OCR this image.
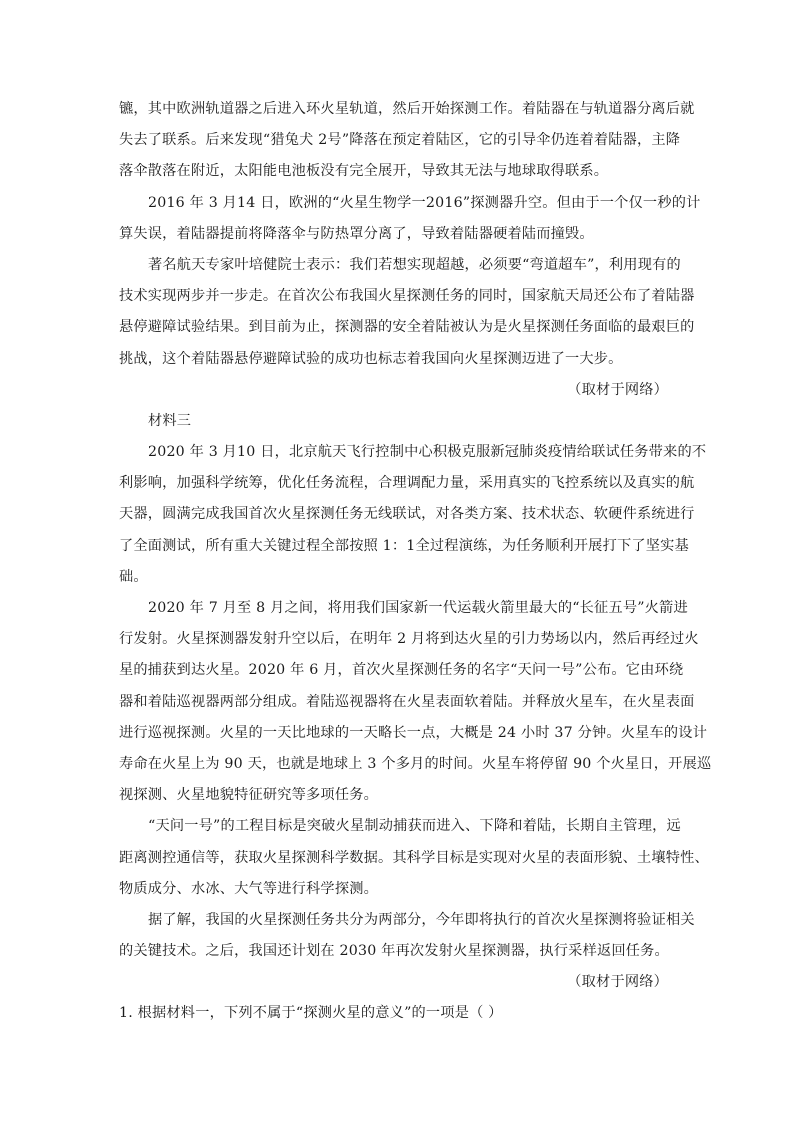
镳，其中欧洲轨道器之后进入环火星轨道，然后开始探测工作。着陆器在与轨道器分离后就
失去了联系。后来发现“猎兔犬 2号”降落在预定着陆区，它的引导伞仍连着着陆器，主降
落伞散落在附近，太阳能电池板没有完全展开，导致其无法与地球取得联系。
2016 年 3 月14 日，欧洲的“火星生物学一2016”探测器升空。但由于一个仅一秒的计
算失误，着陆器提前将降落伞与防热罩分离了，导致着陆器硬着陆而撞毁。
著名航天专家叶培健院士表示：我们若想实现超越，必须要“弯道超车”，利用现有的
技术实现两步并一步走。在首次公布我国火星探测任务的同时，国家航天局还公布了着陆器
悬停避障试验结果。到目前为止，探测器的安全着陆被认为是火星探测任务面临的最艰巨的
挑战，这个着陆器悬停避障试验的成功也标志着我国向火星探测迈进了一大步。
（取材于网络）
材料三
2020 年 3 月10 日，北京航天飞行控制中心积极克服新冠肺炎疫情给联试任务带来的不
利影响，加强科学统筹，优化任务流程，合理调配力量，采用真实的飞控系统以及真实的航
天器，圆满完成我国首次火星探测任务无线联试，对各类方案、技术状态、软硬件系统进行
了全面测试，所有重大关键过程全部按照 1：1全过程演练，为任务顺利开展打下了坚实基
础。
2020 年 7 月至 8 月之间，将用我们国家新一代运载火箭里最大的“长征五号”火箭进
行发射。火星探测器发射升空以后，在明年 2 月将到达火星的引力势场以内，然后再经过火
星的捕获到达火星。2020 年 6 月，首次火星探测任务的名字“天问一号”公布。它由环绕
器和着陆巡视器两部分组成。着陆巡视器将在火星表面软着陆。并释放火星车，在火星表面
进行巡视探测。火星的一天比地球的一天略长一点，大概是 24 小时 37 分钟。火星车的设计
寿命在火星上为 90 天，也就是地球上 3 个多月的时间。火星车将停留 90 个火星日，开展巡
视探测、火星地貌特征研究等多项任务。
“天问一号”的工程目标是突破火星制动捕获而进入、下降和着陆，长期自主管理，远
距离测控通信等，获取火星探测科学数据。其科学目标是实现对火星的表面形貌、土壤特性、
物质成分、水冰、大气等进行科学探测。
据了解，我国的火星探测任务共分为两部分，今年即将执行的首次火星探测将验证相关
的关键技术。之后，我国还计划在 2030 年再次发射火星探测器，执行采样返回任务。
（取材于网络）
1. 根据材料一，下列不属于“探测火星的意义”的一项是（ ）
